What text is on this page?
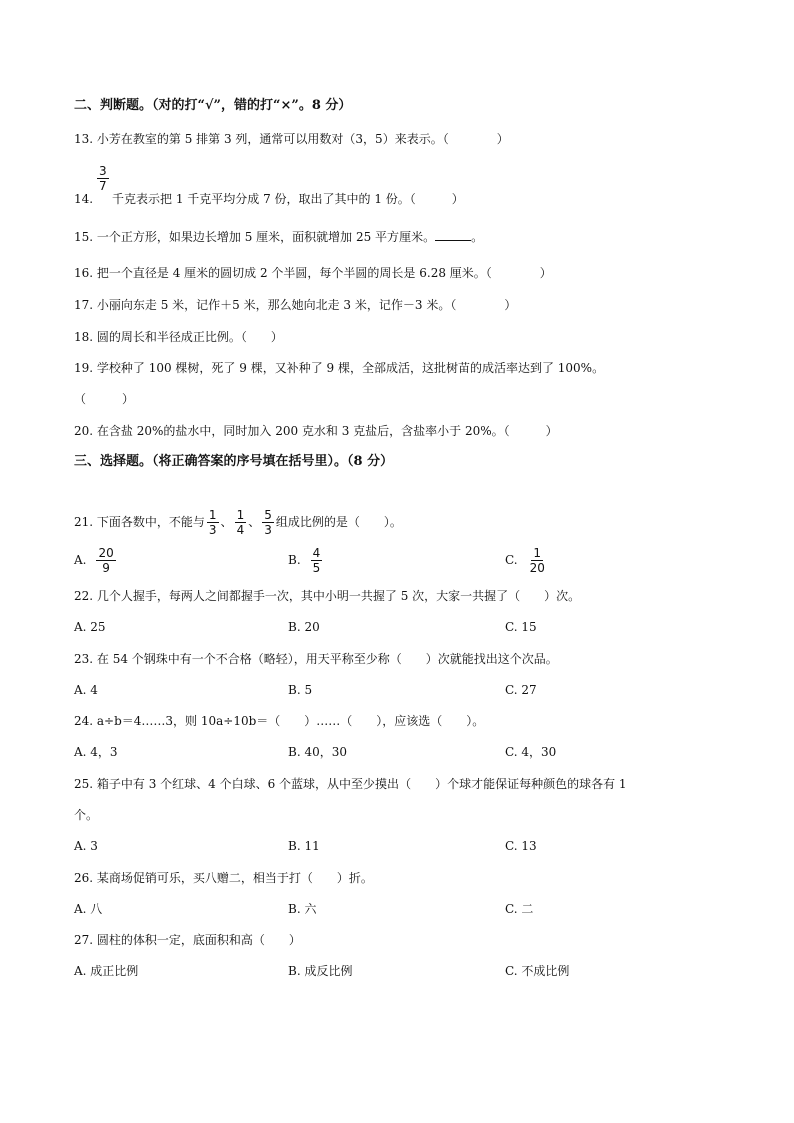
二、判断题。（对的打“√”，错的打“×”。8 分）
13. 小芳在教室的第 5 排第 3 列，通常可以用数对（3，5）来表示。（　　　　）
14.
$\frac{3}{7}$
千克表示把 1 千克平均分成 7 份，取出了其中的 1 份。（　　　）
15. 一个正方形，如果边长增加 5 厘米，面积就增加 25 平方厘米。	。
16. 把一个直径是 4 厘米的圆切成 2 个半圆，每个半圆的周长是 6.28 厘米。（　　　　）
17. 小丽向东走 5 米，记作＋5 米，那么她向北走 3 米，记作－3 米。（　　　　）
18. 圆的周长和半径成正比例。（　　）
19. 学校种了 100 棵树，死了 9 棵，又补种了 9 棵，全部成活，这批树苗的成活率达到了 100%。
（　　　）
20. 在含盐 20%的盐水中，同时加入 200 克水和 3 克盐后，含盐率小于 20%。（　　　）
三、选择题。（将正确答案的序号填在括号里）。（8 分）
21. 下面各数中，不能与 $\frac{1}{3}$ 、 $\frac{1}{4}$ 、 $\frac{5}{3}$ 组成比例的是（　　）。
A. $\frac{20}{9}$	B. $\frac{4}{5}$	C. $\frac{1}{20}$
22. 几个人握手，每两人之间都握手一次，其中小明一共握了 5 次，大家一共握了（　　）次。
A. 25	B. 20	C. 15
23. 在 54 个钢珠中有一个不合格（略轻），用天平称至少称（　　）次就能找出这个次品。
A. 4	B. 5	C. 27
24. a÷b＝4……3，则 10a÷10b＝（　　）……（　　），应该选（　　）。
A. 4，3	B. 40，30	C. 4，30
25. 箱子中有 3 个红球、4 个白球、6 个蓝球，从中至少摸出（　　）个球才能保证每种颜色的球各有 1
个。
A. 3	B. 11	C. 13
26. 某商场促销可乐，买八赠二，相当于打（　　）折。
A. 八	B. 六	C. 二
27. 圆柱的体积一定，底面积和高（　　）
A. 成正比例	B. 成反比例	C. 不成比例
